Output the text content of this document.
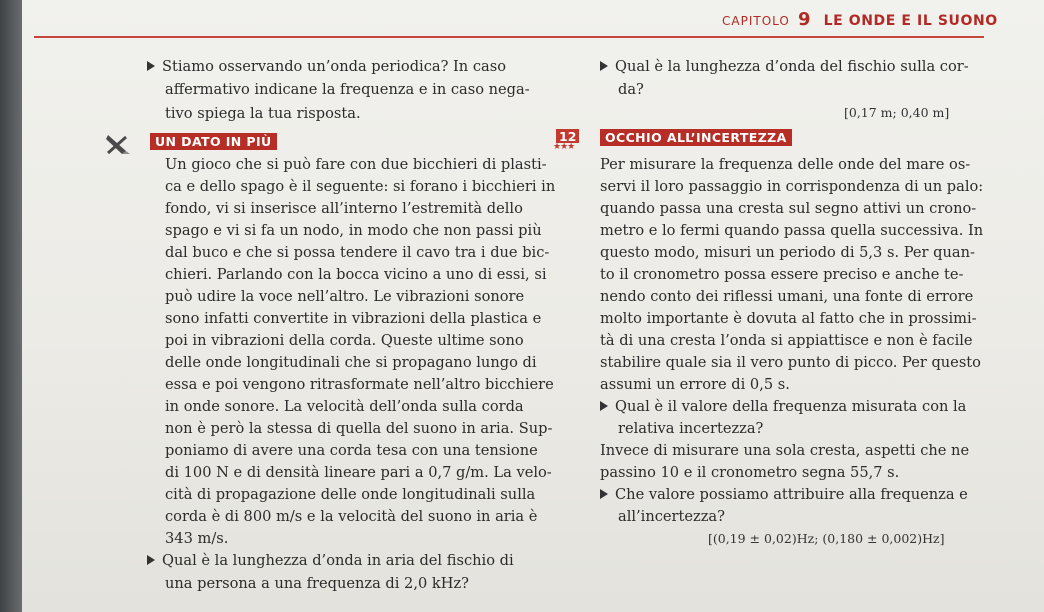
CAPITOLO 9 LE ONDE E IL SUONO
Stiamo osservando un’onda periodica? In caso
affermativo indicane la frequenza e in caso nega-
tivo spiega la tua risposta.
UN DATO IN PIÙ
Un gioco che si può fare con due bicchieri di plasti-
ca e dello spago è il seguente: si forano i bicchieri in
fondo, vi si inserisce all’interno l’estremità dello
spago e vi si fa un nodo, in modo che non passi più
dal buco e che si possa tendere il cavo tra i due bic-
chieri. Parlando con la bocca vicino a uno di essi, si
può udire la voce nell’altro. Le vibrazioni sonore
sono infatti convertite in vibrazioni della plastica e
poi in vibrazioni della corda. Queste ultime sono
delle onde longitudinali che si propagano lungo di
essa e poi vengono ritrasformate nell’altro bicchiere
in onde sonore. La velocità dell’onda sulla corda
non è però la stessa di quella del suono in aria. Sup-
poniamo di avere una corda tesa con una tensione
di 100 N e di densità lineare pari a 0,7 g/m. La velo-
cità di propagazione delle onde longitudinali sulla
corda è di 800 m/s e la velocità del suono in aria è
343 m/s.
Qual è la lunghezza d’onda in aria del fischio di
una persona a una frequenza di 2,0 kHz?
Qual è la lunghezza d’onda del fischio sulla cor-
da?
[0,17 m; 0,40 m]
12
★★★
OCCHIO ALL’INCERTEZZA
Per misurare la frequenza delle onde del mare os-
servi il loro passaggio in corrispondenza di un palo:
quando passa una cresta sul segno attivi un crono-
metro e lo fermi quando passa quella successiva. In
questo modo, misuri un periodo di 5,3 s. Per quan-
to il cronometro possa essere preciso e anche te-
nendo conto dei riflessi umani, una fonte di errore
molto importante è dovuta al fatto che in prossimi-
tà di una cresta l’onda si appiattisce e non è facile
stabilire quale sia il vero punto di picco. Per questo
assumi un errore di 0,5 s.
Qual è il valore della frequenza misurata con la
relativa incertezza?
Invece di misurare una sola cresta, aspetti che ne
passino 10 e il cronometro segna 55,7 s.
Che valore possiamo attribuire alla frequenza e
all’incertezza?
[(0,19 ± 0,02)Hz; (0,180 ± 0,002)Hz]
